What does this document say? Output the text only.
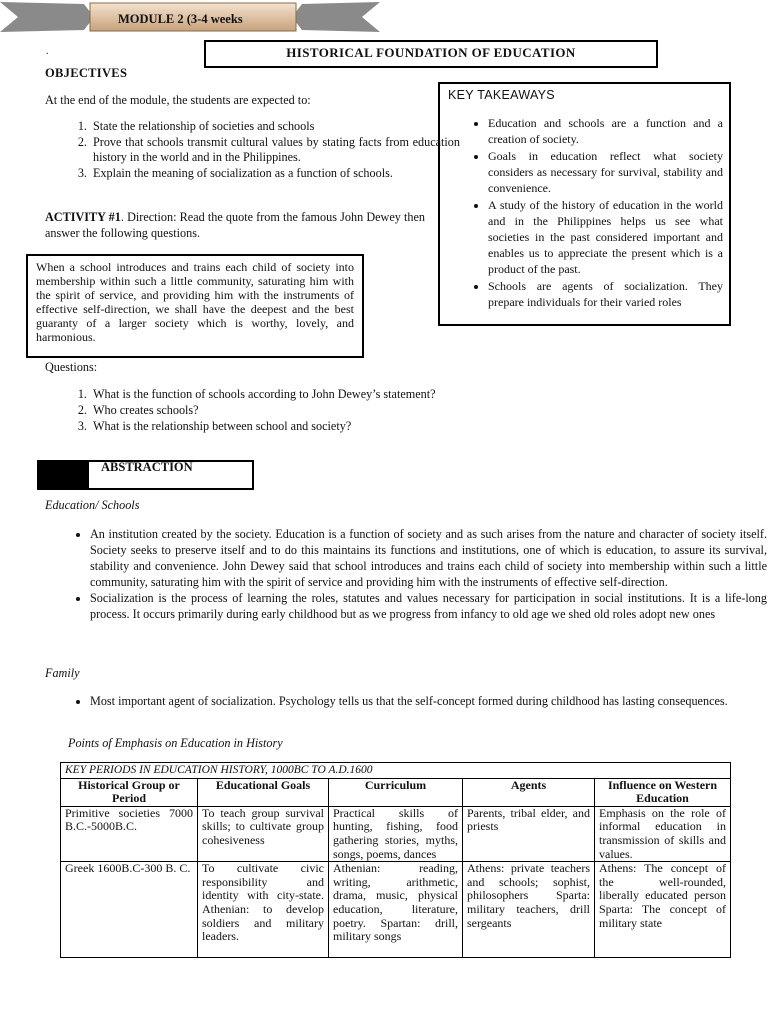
MODULE 2 (3-4 weeks
.	HISTORICAL FOUNDATION OF EDUCATION
OBJECTIVES
At the end of the module, the students are expected to:
1. State the relationship of societies and schools
2. Prove that schools transmit cultural values by stating facts from education history in the world and in the Philippines.
3. Explain the meaning of socialization as a function of schools.
ACTIVITY #1. Direction: Read the quote from the famous John Dewey then answer the following questions.
When a school introduces and trains each child of society into membership within such a little community, saturating him with the spirit of service, and providing him with the instruments of effective self-direction, we shall have the deepest and the best guaranty of a larger society which is worthy, lovely, and harmonious.
KEY TAKEAWAYS
• Education and schools are a function and a creation of society.
• Goals in education reflect what society considers as necessary for survival, stability and convenience.
• A study of the history of education in the world and in the Philippines helps us see what societies in the past considered important and enables us to appreciate the present which is a product of the past.
• Schools are agents of socialization. They prepare individuals for their varied roles
Questions:
1. What is the function of schools according to John Dewey’s statement?
2. Who creates schools?
3. What is the relationship between school and society?
ABSTRACTION
Education/ Schools
• An institution created by the society. Education is a function of society and as such arises from the nature and character of society itself. Society seeks to preserve itself and to do this maintains its functions and institutions, one of which is education, to assure its survival, stability and convenience. John Dewey said that school introduces and trains each child of society into membership within such a little community, saturating him with the spirit of service and providing him with the instruments of effective self-direction.
• Socialization is the process of learning the roles, statutes and values necessary for participation in social institutions. It is a life-long process. It occurs primarily during early childhood but as we progress from infancy to old age we shed old roles adopt new ones
Family
• Most important agent of socialization. Psychology tells us that the self-concept formed during childhood has lasting consequences.
Points of Emphasis on Education in History
KEY PERIODS IN EDUCATION HISTORY, 1000BC TO A.D.1600				
Historical Group or Period	Educational Goals	Curriculum	Agents	Influence on Western Education
Primitive societies 7000 B.C.-5000B.C.	To teach group survival skills; to cultivate group cohesiveness	Practical skills of hunting, fishing, food gathering stories, myths, songs, poems, dances	Parents, tribal elder, and priests	Emphasis on the role of informal education in transmission of skills and values.

Greek 1600B.C-300 B. C.	To cultivate civic responsibility and identity with city-state. Athenian: to develop soldiers and military leaders.	Athenian: reading, writing, arithmetic, drama, music, physical education, literature, poetry. Spartan: drill, military songs	Athens: private teachers and schools; sophist, philosophers Sparta: military teachers, drill sergeants	Athens: The concept of the well-rounded, liberally educated person Sparta: The concept of military state
